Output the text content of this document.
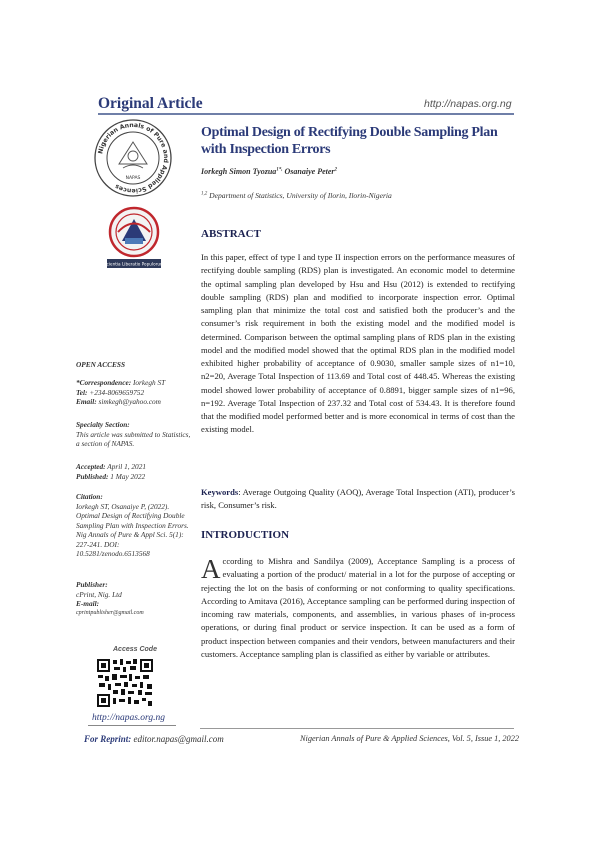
Original Article	http://napas.org.ng
Nigerian Annals of Pure and Applied Sciences
NAPAS
Scientia Liberatio Populorum
Optimal Design of Rectifying Double Sampling Plan with Inspection Errors
Iorkegh Simon Tyozua$^{1*,}$ Osanaiye Peter$^2$
$^{1,2}$ Department of Statistics, University of Ilorin, Ilorin-Nigeria
ABSTRACT
In this paper, effect of type I and type II inspection errors on the performance measures of rectifying double sampling (RDS) plan is investigated. An economic model to determine the optimal sampling plan developed by Hsu and Hsu (2012) is extended to rectifying double sampling (RDS) plan and modified to incorporate inspection error. Optimal sampling plan that minimize the total cost and satisfied both the producer’s and the consumer’s risk requirement in both the existing model and the modified model is determined. Comparison between the optimal sampling plans of RDS plan in the existing model and the modified model showed that the optimal RDS plan in the modified model exhibited higher probability of acceptance of 0.9030, smaller sample sizes of n1=10, n2=20, Average Total Inspection of 113.69 and Total cost of 448.45. Whereas the existing model showed lower probability of acceptance of 0.8891, bigger sample sizes of n1=96, n=192. Average Total Inspection of 237.32 and Total cost of 534.43. It is therefore found that the modified model performed better and is more economical in terms of cost than the existing model.
Keywords: Average Outgoing Quality (AOQ), Average Total Inspection (ATI), producer’s risk, Consumer’s risk.
INTRODUCTION
According to Mishra and Sandilya (2009), Acceptance Sampling is a process of evaluating a portion of the product/ material in a lot for the purpose of accepting or rejecting the lot on the basis of conforming or not conforming to quality specifications. According to Amitava (2016), Acceptance sampling can be performed during inspection of incoming raw materials, components, and assemblies, in various phases of in-process operations, or during final product or service inspection. It can be used as a form of product inspection between companies and their vendors, between manufacturers and their customers. Acceptance sampling plan is classified as either by variable or attributes.
OPEN ACCESS

*Correspondence: Iorkegh ST

Tel: +234-8069659752

Email: simkegh@yahoo.com

Specialty Section:

This article was submitted to Statistics, a section of NAPAS.

Accepted: April 1, 2021

Published: 1 May 2022

Citation:

Iorkegh ST, Osanaiye P, (2022). Optimal Design of Rectifying Double Sampling Plan with Inspection Errors. Nig Annals of Pure & Appl Sci. 5(1): 227-241. DOI: 10.5281/zenodo.6513568

Publisher:

cPrint, Nig. Ltd

E-mail:

cprintpublisher@gmail.com

Access Code
http://napas.org.ng
For Reprint: editor.napas@gmail.com	Nigerian Annals of Pure & Applied Sciences, Vol. 5, Issue 1, 2022
